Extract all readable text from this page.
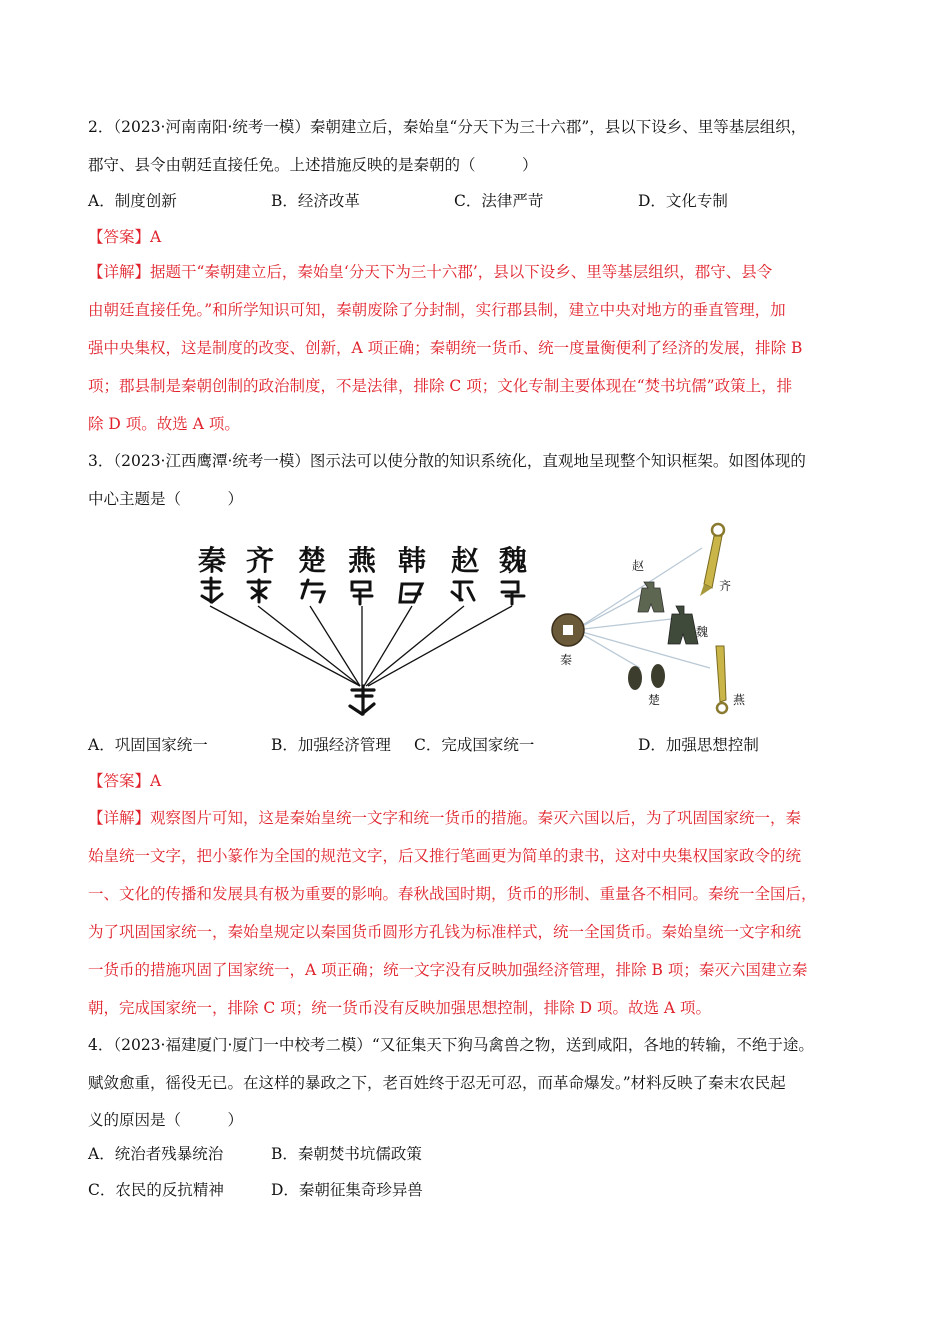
2．（2023·河南南阳·统考一模）秦朝建立后，秦始皇“分天下为三十六郡”，县以下设乡、里等基层组织，
郡守、县令由朝廷直接任免。上述措施反映的是秦朝的（　　　）
A．制度创新	B．经济改革	C．法律严苛	D．文化专制
【答案】A
【详解】据题干“秦朝建立后，秦始皇‘分天下为三十六郡’，县以下设乡、里等基层组织，郡守、县令
由朝廷直接任免。”和所学知识可知，秦朝废除了分封制，实行郡县制，建立中央对地方的垂直管理，加
强中央集权，这是制度的改变、创新，A 项正确；秦朝统一货币、统一度量衡便利了经济的发展，排除 B
项；郡县制是秦朝创制的政治制度，不是法律，排除 C 项；文化专制主要体现在“焚书坑儒”政策上，排
除 D 项。故选 A 项。
3．（2023·江西鹰潭·统考一模）图示法可以使分散的知识系统化，直观地呈现整个知识框架。如图体现的
中心主题是（　　　）
秦 齐 楚 燕 韩 赵 魏
齐
赵
魏
秦
楚	燕
A．巩固国家统一	B．加强经济管理 C．完成国家统一	D．加强思想控制
【答案】A
【详解】观察图片可知，这是秦始皇统一文字和统一货币的措施。秦灭六国以后，为了巩固国家统一，秦
始皇统一文字，把小篆作为全国的规范文字，后又推行笔画更为简单的隶书，这对中央集权国家政令的统
一、文化的传播和发展具有极为重要的影响。春秋战国时期，货币的形制、重量各不相同。秦统一全国后，
为了巩固国家统一，秦始皇规定以秦国货币圆形方孔钱为标准样式，统一全国货币。秦始皇统一文字和统
一货币的措施巩固了国家统一，A 项正确；统一文字没有反映加强经济管理，排除 B 项；秦灭六国建立秦
朝，完成国家统一，排除 C 项；统一货币没有反映加强思想控制，排除 D 项。故选 A 项。
4．（2023·福建厦门·厦门一中校考二模）“又征集天下狗马禽兽之物，送到咸阳，各地的转输，不绝于途。
赋敛愈重，徭役无已。在这样的暴政之下，老百姓终于忍无可忍，而革命爆发。”材料反映了秦末农民起
义的原因是（　　　）
A．统治者残暴统治	B．秦朝焚书坑儒政策
C．农民的反抗精神	D．秦朝征集奇珍异兽
